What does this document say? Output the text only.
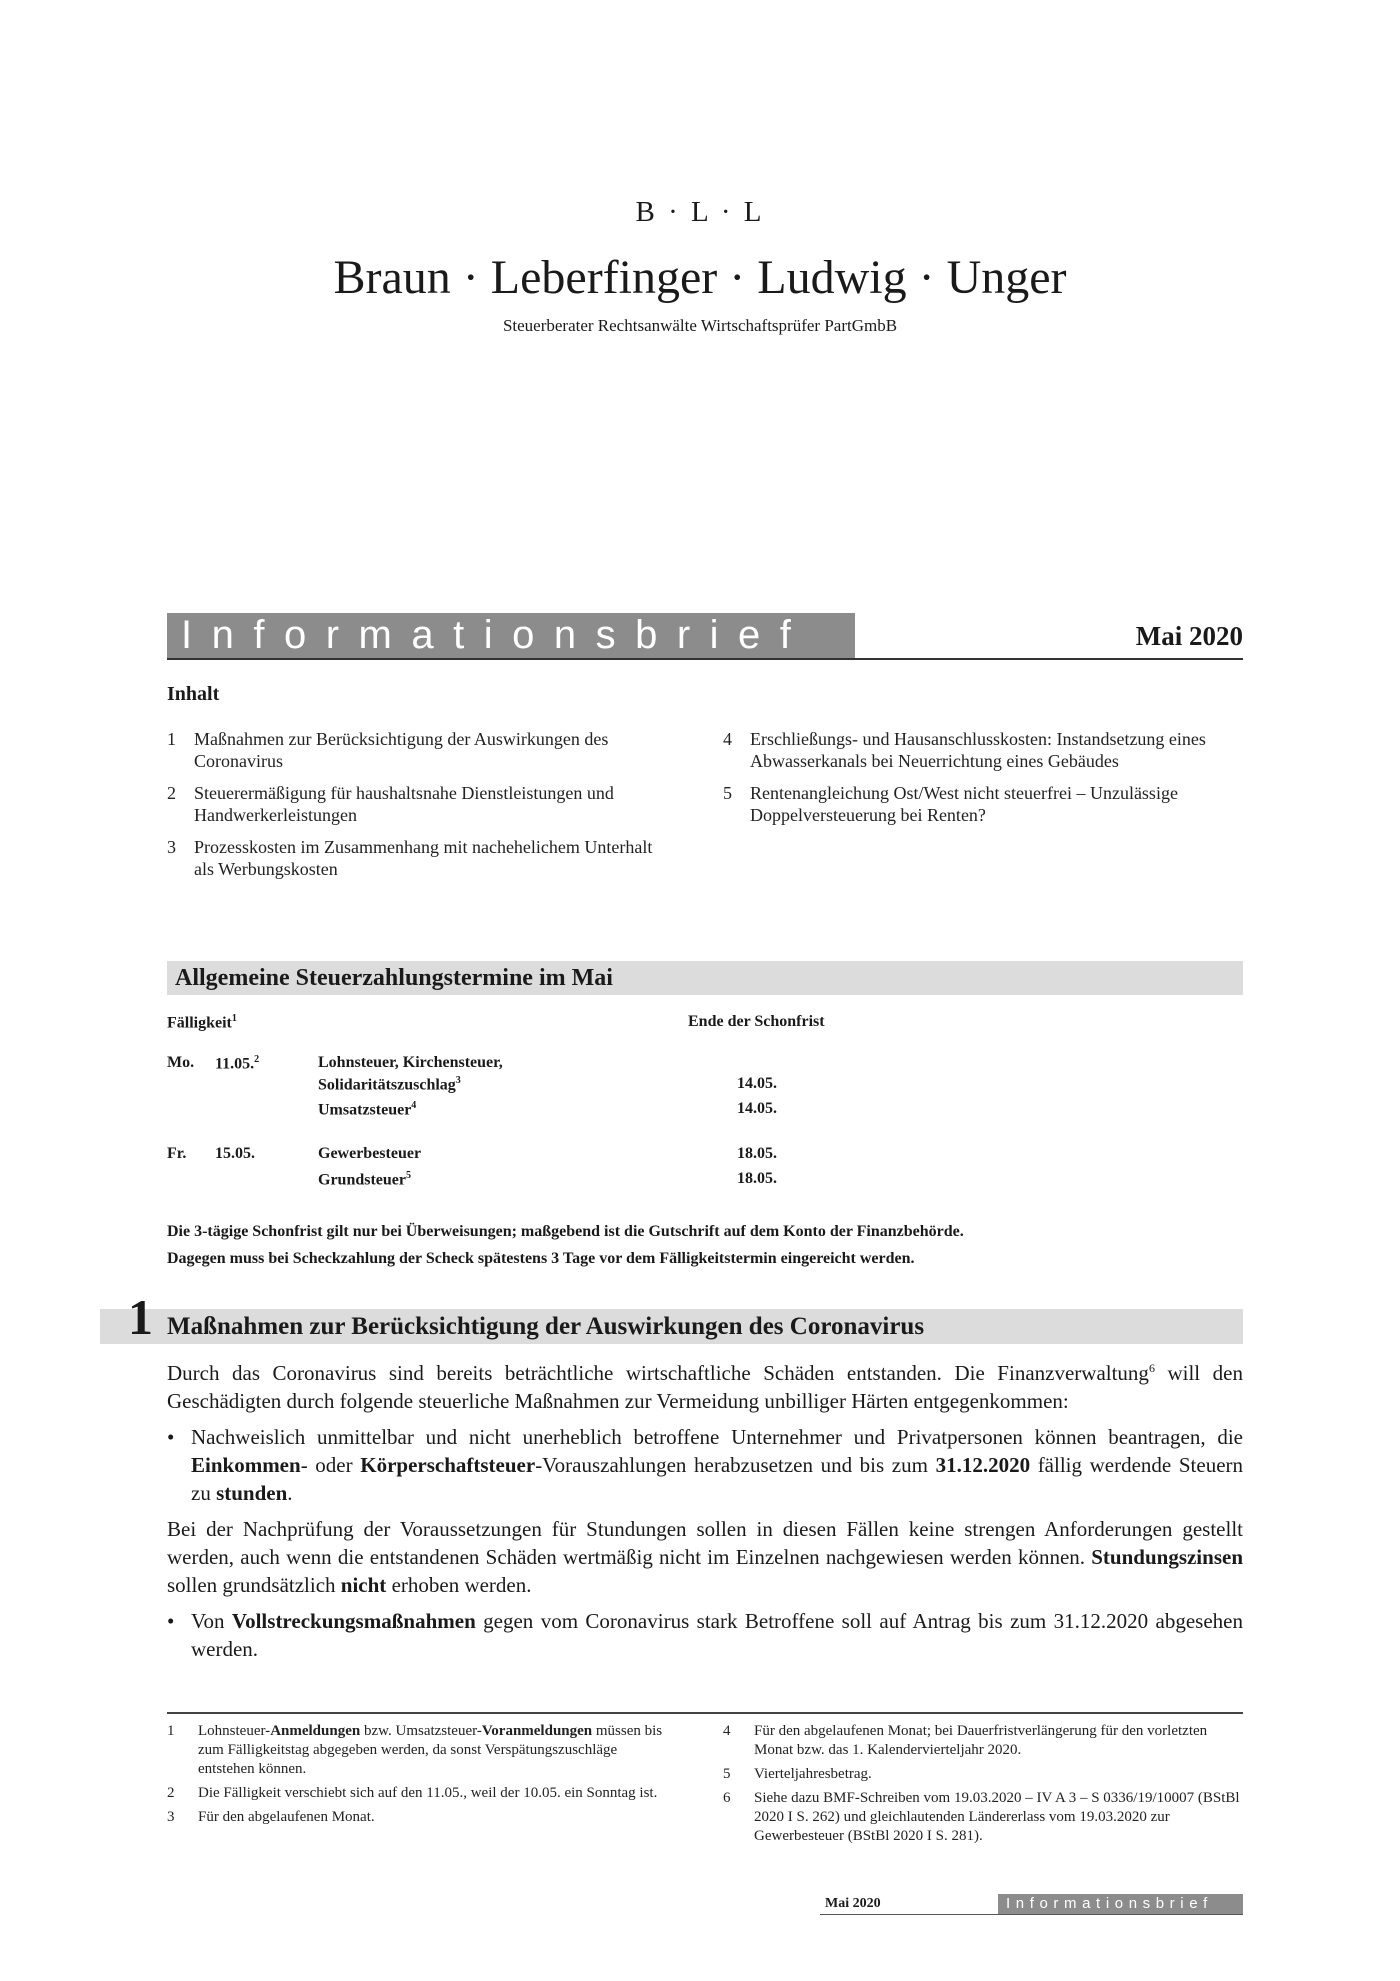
B · L · L
Braun · Leberfinger · Ludwig · Unger
Steuerberater Rechtsanwälte Wirtschaftsprüfer PartGmbB
Informationsbrief	Mai 2020
Inhalt
1	Maßnahmen zur Berücksichtigung der Auswirkungen des Coronavirus
2	Steuerermäßigung für haushaltsnahe Dienstleistungen und Handwerkerleistungen
3	Prozesskosten im Zusammenhang mit nachehelichem Unterhalt als Werbungskosten
4	Erschließungs- und Hausanschlusskosten: Instandsetzung eines Abwasserkanals bei Neuerrichtung eines Gebäudes
5	Rentenangleichung Ost/West nicht steuerfrei – Unzulässige Doppelversteuerung bei Renten?
Allgemeine Steuerzahlungstermine im Mai
Fälligkeit$^1$	Ende der Schonfrist
Mo. 11.05.$^2$	Lohnsteuer, Kirchensteuer,
Solidaritätszuschlag$^3$	14.05.
Umsatzsteuer$^4$	14.05.
Fr. 15.05.	Gewerbesteuer	18.05.
Grundsteuer$^5$	18.05.
Die 3-tägige Schonfrist gilt nur bei Überweisungen; maßgebend ist die Gutschrift auf dem Konto der Finanzbehörde.
Dagegen muss bei Scheckzahlung der Scheck spätestens 3 Tage vor dem Fälligkeitstermin eingereicht werden.
1 Maßnahmen zur Berücksichtigung der Auswirkungen des Coronavirus

Durch das Coronavirus sind bereits beträchtliche wirtschaftliche Schäden entstanden. Die Finanzverwaltung$^6$ will den Geschädigten durch folgende steuerliche Maßnahmen zur Vermeidung unbilliger Härten entgegenkommen:

• Nachweislich unmittelbar und nicht unerheblich betroffene Unternehmer und Privatpersonen können beantragen, die Einkommen- oder Körperschaftsteuer-Vorauszahlungen herabzusetzen und bis zum 31.12.2020 fällig werdende Steuern zu stunden.

Bei der Nachprüfung der Voraussetzungen für Stundungen sollen in diesen Fällen keine strengen Anforderungen gestellt werden, auch wenn die entstandenen Schäden wertmäßig nicht im Einzelnen nachgewiesen werden können. Stundungszinsen sollen grundsätzlich nicht erhoben werden.

• Von Vollstreckungsmaßnahmen gegen vom Coronavirus stark Betroffene soll auf Antrag bis zum 31.12.2020 abgesehen werden.
1	Lohnsteuer-Anmeldungen bzw. Umsatzsteuer-Voranmeldungen müssen bis zum Fälligkeitstag abgegeben werden, da sonst Verspätungszuschläge entstehen können.
2	Die Fälligkeit verschiebt sich auf den 11.05., weil der 10.05. ein Sonntag ist.
3	Für den abgelaufenen Monat.
4	Für den abgelaufenen Monat; bei Dauerfristverlängerung für den vorletzten Monat bzw. das 1. Kalendervierteljahr 2020.
5	Vierteljahresbetrag.
6	Siehe dazu BMF-Schreiben vom 19.03.2020 – IV A 3 – S 0336/19/10007 (BStBl 2020 I S. 262) und gleichlautenden Ländererlass vom 19.03.2020 zur Gewerbesteuer (BStBl 2020 I S. 281).
Mai 2020	Informationsbrief
